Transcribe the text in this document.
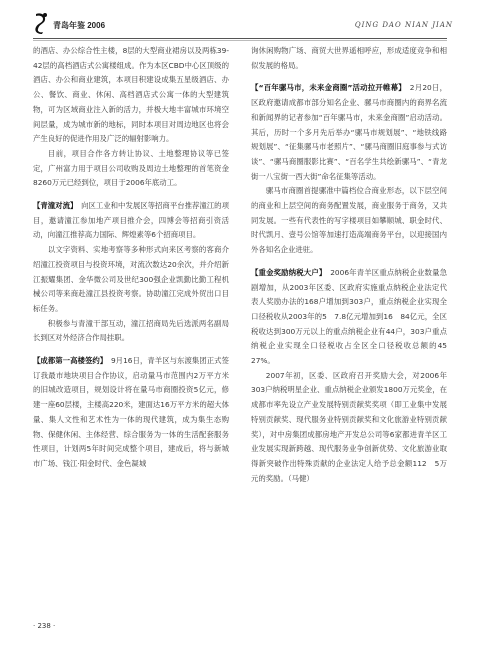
青岛年鉴 2006	QING DAO NIAN JIAN

的酒店、办公综合性主楼，8层的大型商业裙房以及两栋39-42层的高档酒店式公寓楼组成。作为本区CBD中心区顶级的酒店、办公和商业建筑，本项目积建设成集五星级酒店、办公、餐饮、商业、休闲、高档酒店式公寓一体的大型建筑物，可为区域商业注入新的活力，并极大地丰富城市环境空间层量，成为城市新的地标，同时本项目对周边地区也将会产生良好的促进作用及广泛的辐射影响力。

目前，项目合作各方转让协议、土地整理协议等已签定，广州富力用于项目公司收购及周边土地整理的首笔资金8260万元已经到位，项目于2006年底动工。

【青潼对流】　 向区工业和中发展区等招商平台推荐潼江的项目，邀请潼江参加地产项目推介会，四博会等招商引资活动，向潼江推荐高力国际、辉煌素等6个招商项目。

以文字资料、实地考察等多种形式向来区考察的客商介绍潼江投资项目与投资环境，对流次数达20余次，并介绍新江振耀集团、金华微公司及世纪300强企业凯勤比勤工程机械公司等来商赴潼江县投资考察。协助潼江完成外贸出口目标任务。

积极参与青潼干部互动，潼江招商局先后选派两名副局长到区对外经济合作局挂职。

【成都第一高楼签约】　 9月16日，青羊区与东渡集团正式签订我最市地块项目合作协议，启动量马市范围内2万平方米的旧城改造项目，规划设计将在量马市商圈投资5亿元，修建一座60层楼，主楼高220米，建面达16万平方米的超大体量、集人文性和艺术性为一体的现代建筑，成为集生态购物、保健休闲、主体经营、综合服务为一体的生活配套服务性项目，计划两5年时间完成整个项目，建成后，将与新城市广场、钱江·阳金时代、金色凝城

询休闲购物广场、商贸大世界遥相呼应，形成适度竞争和相似发展的格局。

【“百年骡马市，未来金商圈”活动拉开帷幕】　 2月20日，区政府邀请成都市部分知名企业、骡马市商圈内的商界名流和新闻界的记者参加“百年骡马市，未来金商圈”启动活动。其后，历时一个多月先后举办“骡马市规划展”、“地铁线路规划展”、“征集骡马市老照片”、“骡马商圈旧庭事参与式访谈”、“骡马商圈服影比赛”、“百名学生共绘新骡马”、“青龙街一八宝街一西大街”命名征集等活动。

骡马市商圈首提骡准中篇档位合商业形态，以下层空间的商业和上层空间的商务配置发展，商业服务于商务，又共同发展。一些有代表性的写字楼项目如攀顺城、职金时代、时代凯月、壹号公馆等加速打造高端商务平台，以迎接国内外各知名企业进驻。

【重金奖励纳税大户】　 2006年青羊区重点纳税企业数量急剧增加，从2003年区委、区政府实施重点纳税企业法定代表人奖励办法的168户增加到303户，重点纳税企业实现全口径税收从2003年的5　7.8亿元增加到16　84亿元，全区税收达到300万元以上的重点纳税企业有44户，303户重点纳税企业实现全口径税收占全区全口径税收总额的45　27%。

2007年初，区委、区政府召开奖励大会，对2006年303户纳税明星企业、重点纳税企业颁发1800万元奖金，在成都市率先设立产业发展特别贡献奖奖项（即工业集中发展特别贡献奖、现代服务业特别贡献奖和文化旅游业特别贡献奖），对中房集团成都房地产开发总公司等6家都进青羊区工业发展实现新跨越、现代服务业争创新优势、文化旅游业取得新突破作出特殊贡献的企业法定人给予总金额112　5万元的奖励。（马健）

· 238 ·
